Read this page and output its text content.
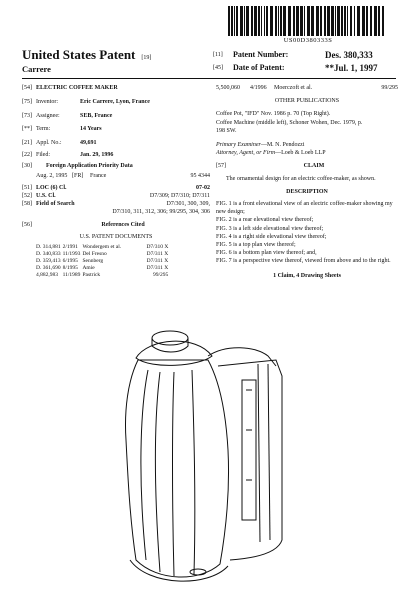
US00D380333S
United States Patent [19]
Carrere
[11]	Patent Number:	Des. 380,333
[45]	Date of Patent:	**Jul. 1, 1997
[54] ELECTRIC COFFEE MAKER
[75] Inventor:	Eric Carrere, Lyon, France
[73] Assignee:	SEB, France
[**] Term:	14 Years
[21] Appl. No.:	49,691
[22] Filed:	Jan. 29, 1996
[30]	Foreign Application Priority Data
Aug. 2, 1995 [FR]	France	95 4344
[51] LOC (6) Cl.	07-02
[52] U.S. Cl.	D7/309; D7/310; D7/311
[58] Field of Search	D7/301, 300, 309,
D7/310, 311, 312, 306; 99/295, 304, 306
[56]	References Cited
U.S. PATENT DOCUMENTS
D. 314,881	2/1991	Wondergem et al.	D7/310 X
D. 340,833	11/1993	Del Fresno	D7/311 X
D. 359,413	6/1995	Sennberg	D7/311 X
D. 361,690	8/1995	Amie	D7/311 X
4,882,983	11/1989	Pastrick	99/295
5,500,060	4/1996	Moerczoft et al.	99/295
OTHER PUBLICATIONS
Coffee Pot, "IFD" Nov. 1986 p. 70 (Top Right).
Coffee Machine (middle left), Schoner Wohen, Dec. 1979, p.
198 SW.
Primary Examiner—M. N. Pendozzi
Attorney, Agent, or Firm—Loeb & Loeb LLP
[57]	CLAIM
The ornamental design for an electric coffee-maker, as shown.
DESCRIPTION
FIG. 1 is a front elevational view of an electric coffee-maker showing my new design;
FIG. 2 is a rear elevational view thereof;
FIG. 3 is a left side elevational view thereof;
FIG. 4 is a right side elevational view thereof;
FIG. 5 is a top plan view thereof;
FIG. 6 is a bottom plan view thereof; and,
FIG. 7 is a perspective view thereof, viewed from above and to the right.
1 Claim, 4 Drawing Sheets
